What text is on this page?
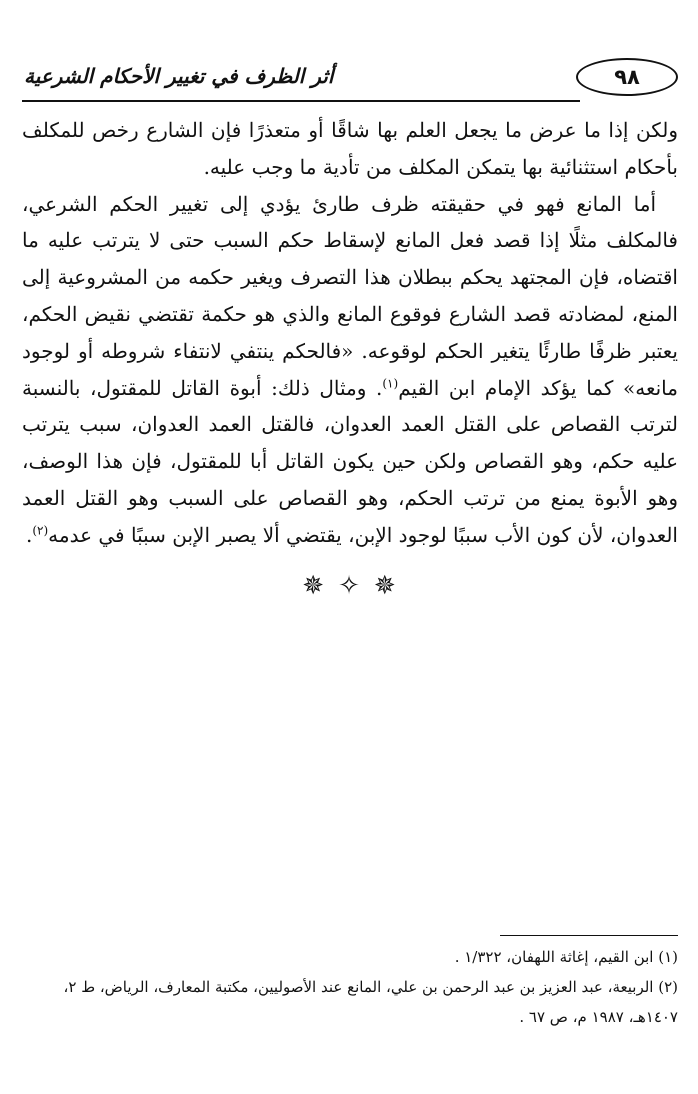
٩٨
أثر الظرف في تغيير الأحكام الشرعية

ولكن إذا ما عرض ما يجعل العلم بها شاقًا أو متعذرًا فإن الشارع رخص للمكلف بأحكام استثنائية بها يتمكن المكلف من تأدية ما وجب عليه.

أما المانع فهو في حقيقته ظرف طارئ يؤدي إلى تغيير الحكم الشرعي، فالمكلف مثلًا إذا قصد فعل المانع لإسقاط حكم السبب حتى لا يترتب عليه ما اقتضاه، فإن المجتهد يحكم ببطلان هذا التصرف ويغير حكمه من المشروعية إلى المنع، لمضادته قصد الشارع فوقوع المانع والذي هو حكمة تقتضي نقيض الحكم، يعتبر ظرفًا طارئًا يتغير الحكم لوقوعه. «فالحكم ينتفي لانتفاء شروطه أو لوجود مانعه» كما يؤكد الإمام ابن القيم$^{(١)}$. ومثال ذلك: أبوة القاتل للمقتول، بالنسبة لترتب القصاص على القتل العمد العدوان، فالقتل العمد العدوان، سبب يترتب عليه حكم، وهو القصاص ولكن حين يكون القاتل أبا للمقتول، فإن هذا الوصف، وهو الأبوة يمنع من ترتب الحكم، وهو القصاص على السبب وهو القتل العمد العدوان، لأن كون الأب سببًا لوجود الإبن، يقتضي ألا يصبر الإبن سببًا في عدمه$^{(٢)}$.

✵ ✧ ✵

(١) ابن القيم، إغاثة اللهفان، ١/٣٢٢ .

(٢) الربيعة، عبد العزيز بن عبد الرحمن بن علي، المانع عند الأصوليين، مكتبة المعارف، الرياض، ط ٢، ١٤٠٧هـ، ١٩٨٧ م، ص ٦٧ .
